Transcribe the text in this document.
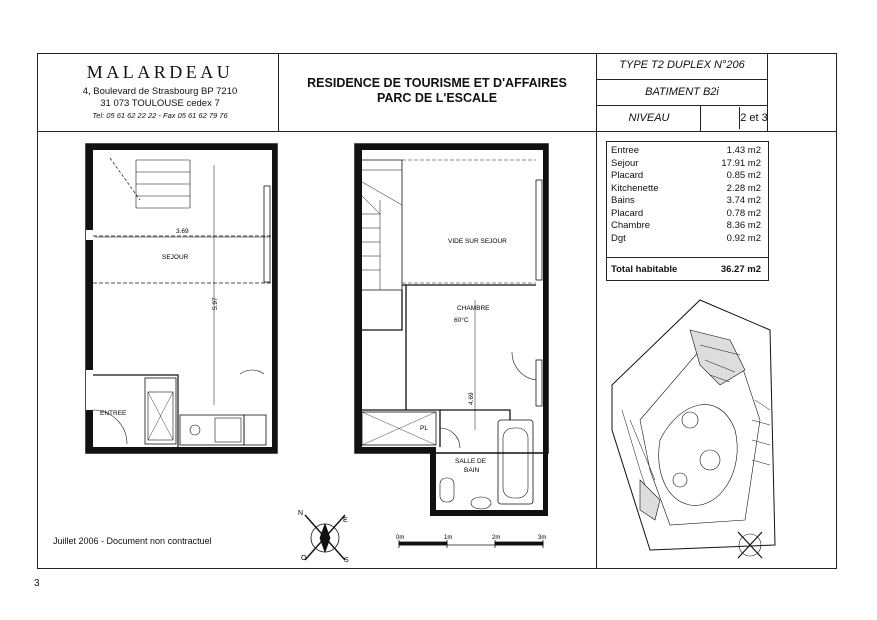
MALARDEAU
4, Boulevard de Strasbourg BP 7210
31 073 TOULOUSE cedex 7
Tel: 05 61 62 22 22 - Fax 05 61 62 79 76
RESIDENCE DE TOURISME ET D'AFFAIRES
PARC DE L'ESCALE
TYPE T2 DUPLEX N°206
BATIMENT B2i
NIVEAU	2 et 3
Entree	1.43 m2
Sejour	17.91 m2
Placard	0.85 m2
Kitchenette	2.28 m2
Bains	3.74 m2
Placard	0.78 m2
Chambre	8.36 m2
Dgt	0.92 m2
Total habitable	36.27 m2
3.69
SEJOUR
5.97
ENTREE
VIDE SUR SEJOUR
CHAMBRE
60°C
4.69
PL
SALLE DE
BAIN
N
E
S
O
0m	1m	2m	3m
Juillet 2006 - Document non contractuel
3
